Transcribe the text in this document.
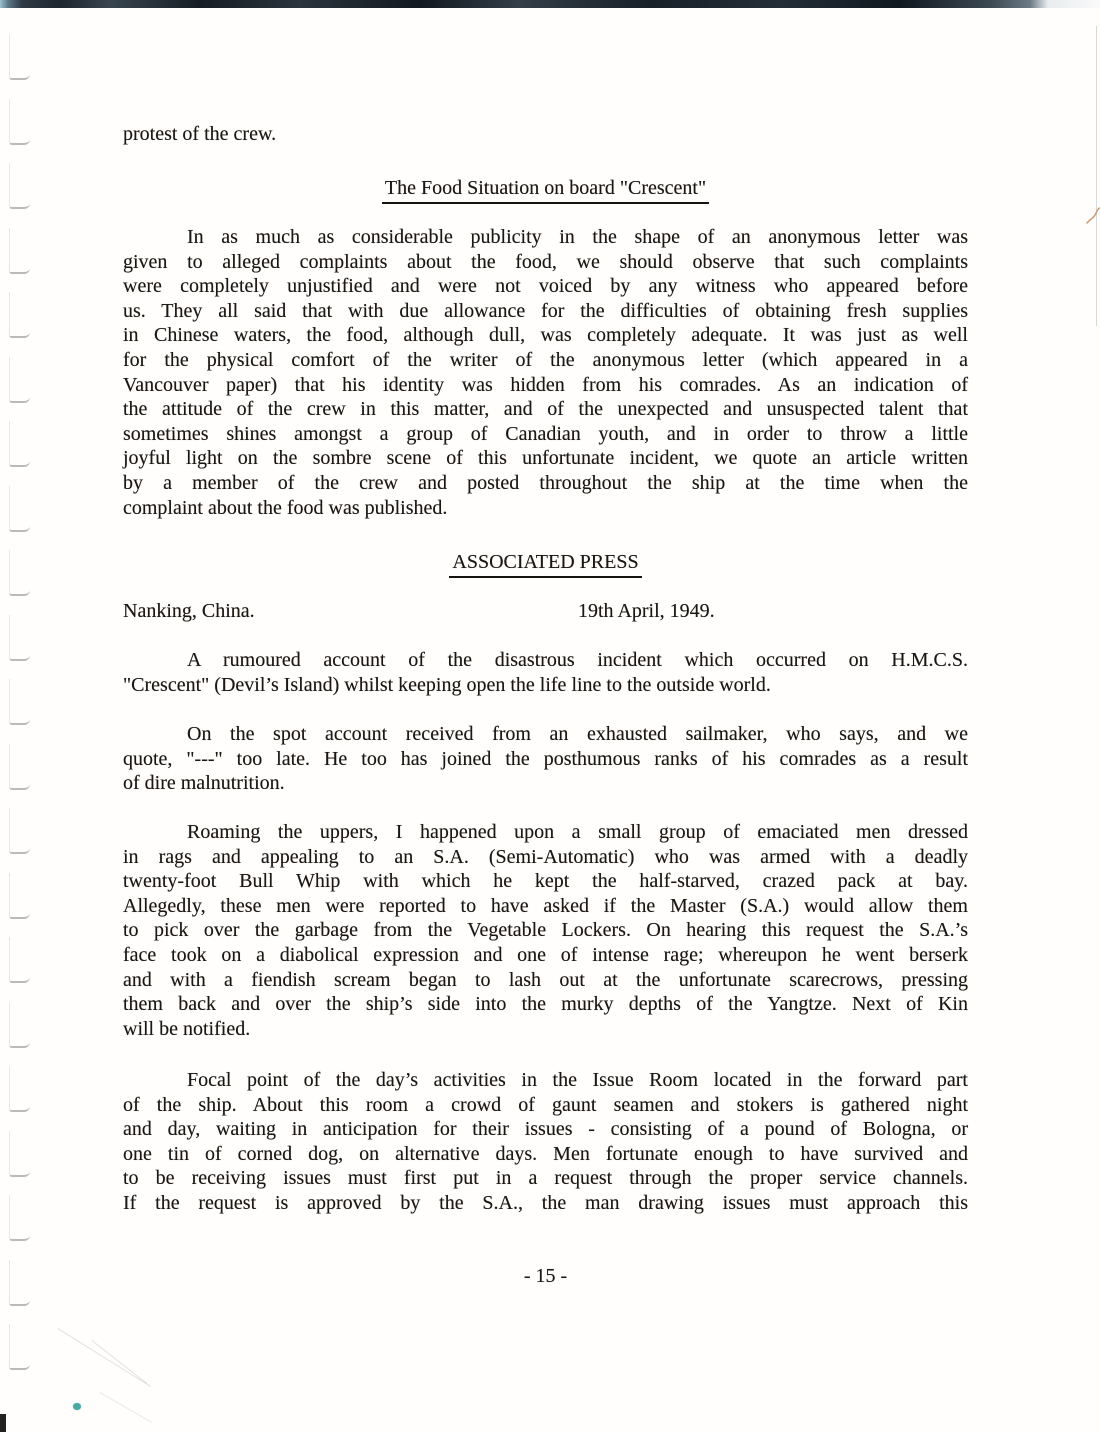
protest of the crew.
The Food Situation on board "Crescent"
In as much as considerable publicity in the shape of an anonymous letter was
given to alleged complaints about the food, we should observe that such complaints
were completely unjustified and were not voiced by any witness who appeared before
us. They all said that with due allowance for the difficulties of obtaining fresh supplies
in Chinese waters, the food, although dull, was completely adequate. It was just as well
for the physical comfort of the writer of the anonymous letter (which appeared in a
Vancouver paper) that his identity was hidden from his comrades. As an indication of
the attitude of the crew in this matter, and of the unexpected and unsuspected talent that
sometimes shines amongst a group of Canadian youth, and in order to throw a little
joyful light on the sombre scene of this unfortunate incident, we quote an article written
by a member of the crew and posted throughout the ship at the time when the
complaint about the food was published.
ASSOCIATED PRESS
Nanking, China.	19th April, 1949.
A rumoured account of the disastrous incident which occurred on H.M.C.S.
"Crescent" (Devil’s Island) whilst keeping open the life line to the outside world.
On the spot account received from an exhausted sailmaker, who says, and we
quote, "---" too late. He too has joined the posthumous ranks of his comrades as a result
of dire malnutrition.
Roaming the uppers, I happened upon a small group of emaciated men dressed
in rags and appealing to an S.A. (Semi-Automatic) who was armed with a deadly
twenty-foot Bull Whip with which he kept the half-starved, crazed pack at bay.
Allegedly, these men were reported to have asked if the Master (S.A.) would allow them
to pick over the garbage from the Vegetable Lockers. On hearing this request the S.A.’s
face took on a diabolical expression and one of intense rage; whereupon he went berserk
and with a fiendish scream began to lash out at the unfortunate scarecrows, pressing
them back and over the ship’s side into the murky depths of the Yangtze. Next of Kin
will be notified.
Focal point of the day’s activities in the Issue Room located in the forward part
of the ship. About this room a crowd of gaunt seamen and stokers is gathered night
and day, waiting in anticipation for their issues - consisting of a pound of Bologna, or
one tin of corned dog, on alternative days. Men fortunate enough to have survived and
to be receiving issues must first put in a request through the proper service channels.
If the request is approved by the S.A., the man drawing issues must approach this
- 15 -
